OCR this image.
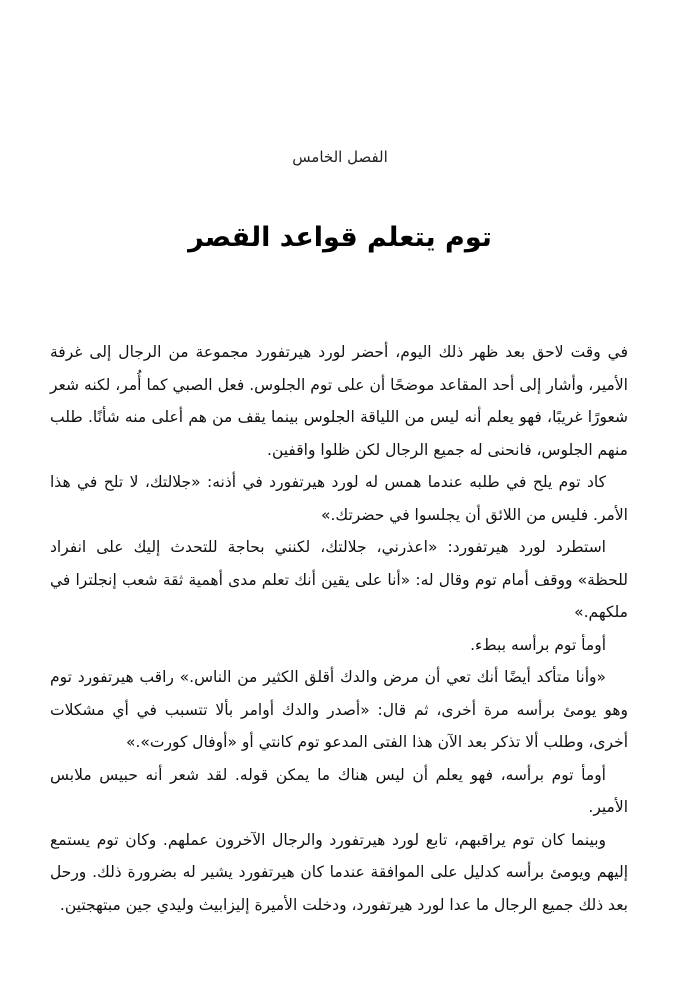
الفصل الخامس
توم يتعلم قواعد القصر

في وقت لاحق بعد ظهر ذلك اليوم، أحضر لورد هيرتفورد مجموعة من الرجال إلى غرفة الأمير، وأشار إلى أحد المقاعد موضحًا أن على توم الجلوس. فعل الصبي كما أُمر، لكنه شعر شعورًا غريبًا، فهو يعلم أنه ليس من اللياقة الجلوس بينما يقف من هم أعلى منه شأنًا. طلب منهم الجلوس، فانحنى له جميع الرجال لكن ظلوا واقفين.

كاد توم يلح في طلبه عندما همس له لورد هيرتفورد في أذنه: «جلالتك، لا تلح في هذا الأمر. فليس من اللائق أن يجلسوا في حضرتك.»

استطرد لورد هيرتفورد: «اعذرني، جلالتك، لكنني بحاجة للتحدث إليك على انفراد للحظة» ووقف أمام توم وقال له: «أنا على يقين أنك تعلم مدى أهمية ثقة شعب إنجلترا في ملكهم.»

أومأ توم برأسه ببطء.

«وأنا متأكد أيضًا أنك تعي أن مرض والدك أقلق الكثير من الناس.» راقب هيرتفورد توم وهو يومئ برأسه مرة أخرى، ثم قال: «أصدر والدك أوامر بألا تتسبب في أي مشكلات أخرى، وطلب ألا تذكر بعد الآن هذا الفتى المدعو توم كانتي أو «أوفال كورت».»

أومأ توم برأسه، فهو يعلم أن ليس هناك ما يمكن قوله. لقد شعر أنه حبيس ملابس الأمير.

وبينما كان توم يراقبهم، تابع لورد هيرتفورد والرجال الآخرون عملهم. وكان توم يستمع إليهم ويومئ برأسه كدليل على الموافقة عندما كان هيرتفورد يشير له بضرورة ذلك. ورحل بعد ذلك جميع الرجال ما عدا لورد هيرتفورد، ودخلت الأميرة إليزابيث وليدي جين مبتهجتين.
